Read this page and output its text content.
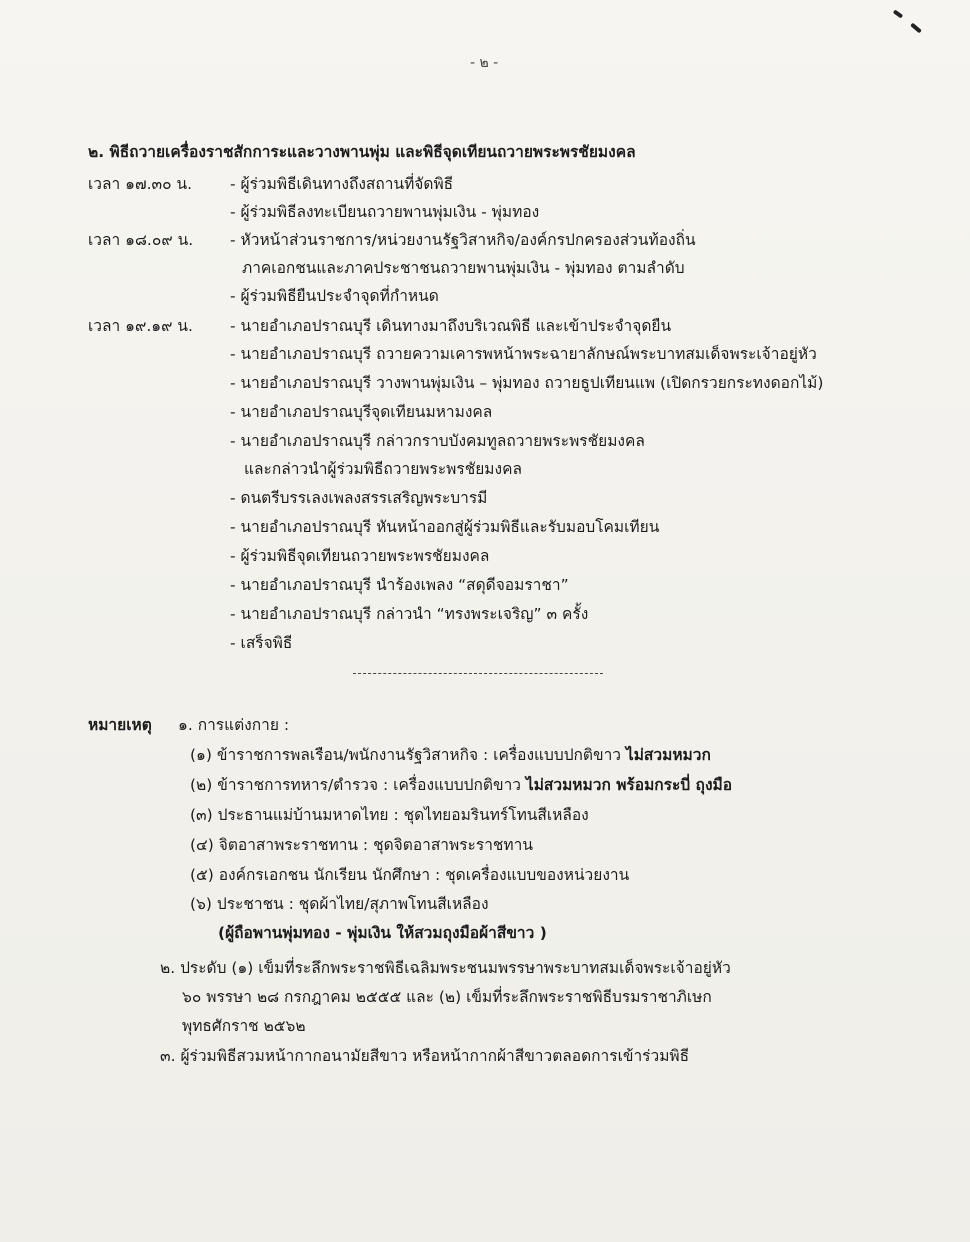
- ๒ -
๒. พิธีถวายเครื่องราชสักการะและวางพานพุ่ม และพิธีจุดเทียนถวายพระพรชัยมงคล
เวลา ๑๗.๓๐ น. - ผู้ร่วมพิธีเดินทางถึงสถานที่จัดพิธี
- ผู้ร่วมพิธีลงทะเบียนถวายพานพุ่มเงิน - พุ่มทอง
เวลา ๑๘.๐๙ น. - หัวหน้าส่วนราชการ/หน่วยงานรัฐวิสาหกิจ/องค์กรปกครองส่วนท้องถิ่น
ภาคเอกชนและภาคประชาชนถวายพานพุ่มเงิน - พุ่มทอง ตามลำดับ
- ผู้ร่วมพิธียืนประจำจุดที่กำหนด
เวลา ๑๙.๑๙ น. - นายอำเภอปราณบุรี เดินทางมาถึงบริเวณพิธี และเข้าประจำจุดยืน
- นายอำเภอปราณบุรี ถวายความเคารพหน้าพระฉายาลักษณ์พระบาทสมเด็จพระเจ้าอยู่หัว
- นายอำเภอปราณบุรี วางพานพุ่มเงิน – พุ่มทอง ถวายธูปเทียนแพ (เปิดกรวยกระทงดอกไม้)
- นายอำเภอปราณบุรีจุดเทียนมหามงคล
- นายอำเภอปราณบุรี กล่าวกราบบังคมทูลถวายพระพรชัยมงคล
และกล่าวนำผู้ร่วมพิธีถวายพระพรชัยมงคล
- ดนตรีบรรเลงเพลงสรรเสริญพระบารมี
- นายอำเภอปราณบุรี หันหน้าออกสู่ผู้ร่วมพิธีและรับมอบโคมเทียน
- ผู้ร่วมพิธีจุดเทียนถวายพระพรชัยมงคล
- นายอำเภอปราณบุรี นำร้องเพลง “สดุดีจอมราชา”
- นายอำเภอปราณบุรี กล่าวนำ “ทรงพระเจริญ” ๓ ครั้ง
- เสร็จพิธี
หมายเหตุ ๑. การแต่งกาย :
(๑) ข้าราชการพลเรือน/พนักงานรัฐวิสาหกิจ : เครื่องแบบปกติขาว ไม่สวมหมวก
(๒) ข้าราชการทหาร/ตำรวจ : เครื่องแบบปกติขาว ไม่สวมหมวก พร้อมกระบี่ ถุงมือ
(๓) ประธานแม่บ้านมหาดไทย : ชุดไทยอมรินทร์โทนสีเหลือง
(๔) จิตอาสาพระราชทาน : ชุดจิตอาสาพระราชทาน
(๕) องค์กรเอกชน นักเรียน นักศึกษา : ชุดเครื่องแบบของหน่วยงาน
(๖) ประชาชน : ชุดผ้าไทย/สุภาพโทนสีเหลือง
(ผู้ถือพานพุ่มทอง - พุ่มเงิน ให้สวมถุงมือผ้าสีขาว )
๒. ประดับ (๑) เข็มที่ระลึกพระราชพิธีเฉลิมพระชนมพรรษาพระบาทสมเด็จพระเจ้าอยู่หัว
๖๐ พรรษา ๒๘ กรกฎาคม ๒๕๕๕ และ (๒) เข็มที่ระลึกพระราชพิธีบรมราชาภิเษก
พุทธศักราช ๒๕๖๒
๓. ผู้ร่วมพิธีสวมหน้ากากอนามัยสีขาว หรือหน้ากากผ้าสีขาวตลอดการเข้าร่วมพิธี
